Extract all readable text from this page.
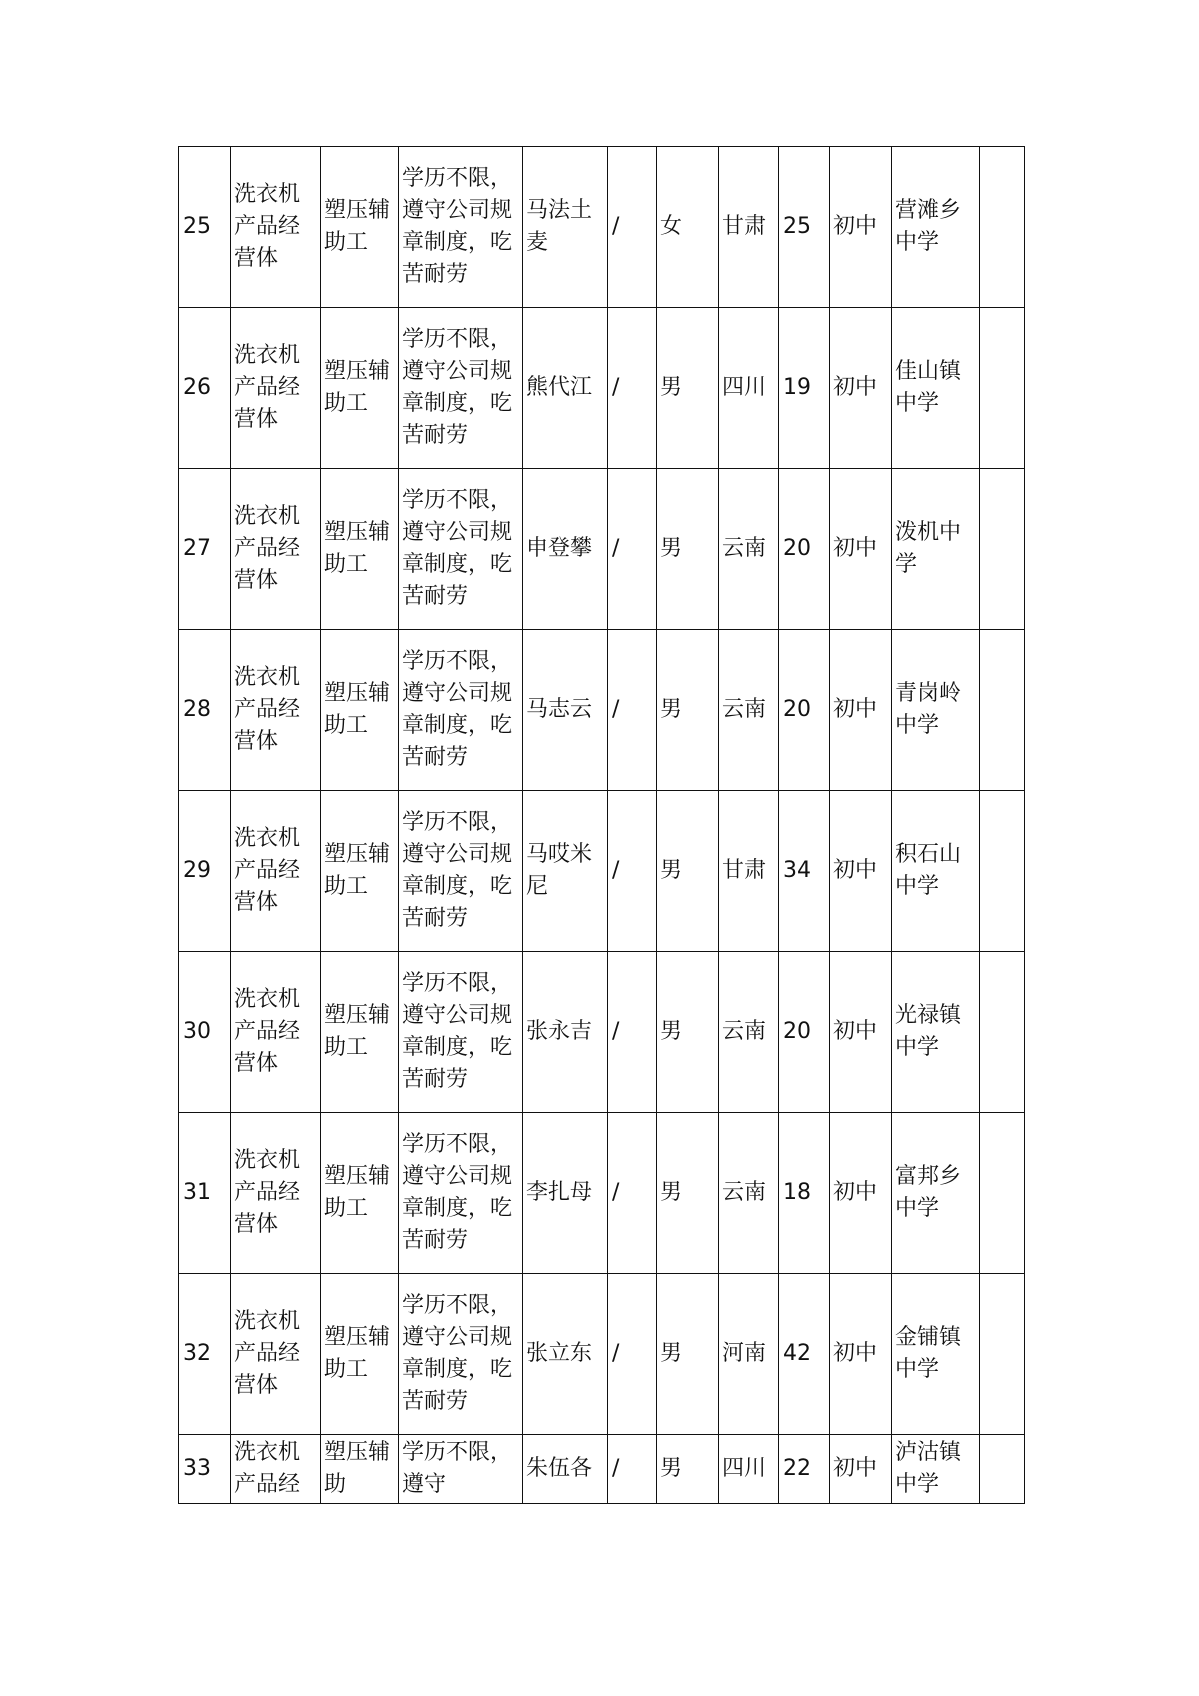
25	洗衣机产品经营体	塑压辅助工	学历不限，遵守公司规章制度，吃苦耐劳	马法土麦	/	女	甘肃	25	初中	营滩乡中学	
26	洗衣机产品经营体	塑压辅助工	学历不限，遵守公司规章制度，吃苦耐劳	熊代江	/	男	四川	19	初中	佳山镇中学	
27	洗衣机产品经营体	塑压辅助工	学历不限，遵守公司规章制度，吃苦耐劳	申登攀	/	男	云南	20	初中	泼机中学	
28	洗衣机产品经营体	塑压辅助工	学历不限，遵守公司规章制度，吃苦耐劳	马志云	/	男	云南	20	初中	青岗岭中学	
29	洗衣机产品经营体	塑压辅助工	学历不限，遵守公司规章制度，吃苦耐劳	马哎米尼	/	男	甘肃	34	初中	积石山中学	
30	洗衣机产品经营体	塑压辅助工	学历不限，遵守公司规章制度，吃苦耐劳	张永吉	/	男	云南	20	初中	光禄镇中学	
31	洗衣机产品经营体	塑压辅助工	学历不限，遵守公司规章制度，吃苦耐劳	李扎母	/	男	云南	18	初中	富邦乡中学	
32	洗衣机产品经营体	塑压辅助工	学历不限，遵守公司规章制度，吃苦耐劳	张立东	/	男	河南	42	初中	金铺镇中学	
33	洗衣机产品经	塑压辅助	学历不限，遵守	朱伍各	/	男	四川	22	初中	泸沽镇中学	
